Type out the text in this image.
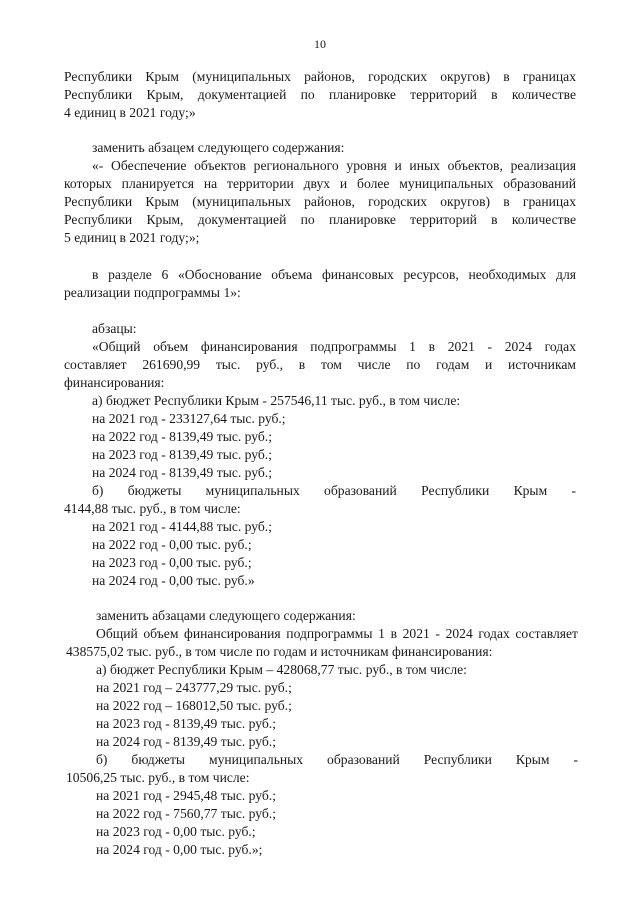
10
Республики Крым (муниципальных районов, городских округов) в границах
Республики Крым, документацией по планировке территорий в количестве
4 единиц в 2021 году;»
заменить абзацем следующего содержания:
«- Обеспечение объектов регионального уровня и иных объектов, реализация
которых планируется на территории двух и более муниципальных образований
Республики Крым (муниципальных районов, городских округов) в границах
Республики Крым, документацией по планировке территорий в количестве
5 единиц в 2021 году;»;
в разделе 6 «Обоснование объема финансовых ресурсов, необходимых для
реализации подпрограммы 1»:
абзацы:
«Общий объем финансирования подпрограммы 1 в 2021 - 2024 годах
составляет 261690,99 тыс. руб., в том числе по годам и источникам
финансирования:
а) бюджет Республики Крым - 257546,11 тыс. руб., в том числе:
на 2021 год - 233127,64 тыс. руб.;
на 2022 год - 8139,49 тыс. руб.;
на 2023 год - 8139,49 тыс. руб.;
на 2024 год - 8139,49 тыс. руб.;
б) бюджеты муниципальных образований Республики Крым -
4144,88 тыс. руб., в том числе:
на 2021 год - 4144,88 тыс. руб.;
на 2022 год - 0,00 тыс. руб.;
на 2023 год - 0,00 тыс. руб.;
на 2024 год - 0,00 тыс. руб.»
заменить абзацами следующего содержания:
Общий объем финансирования подпрограммы 1 в 2021 - 2024 годах составляет
438575,02 тыс. руб., в том числе по годам и источникам финансирования:
а) бюджет Республики Крым – 428068,77 тыс. руб., в том числе:
на 2021 год – 243777,29 тыс. руб.;
на 2022 год – 168012,50 тыс. руб.;
на 2023 год - 8139,49 тыс. руб.;
на 2024 год - 8139,49 тыс. руб.;
б) бюджеты муниципальных образований Республики Крым -
10506,25 тыс. руб., в том числе:
на 2021 год - 2945,48 тыс. руб.;
на 2022 год - 7560,77 тыс. руб.;
на 2023 год - 0,00 тыс. руб.;
на 2024 год - 0,00 тыс. руб.»;
